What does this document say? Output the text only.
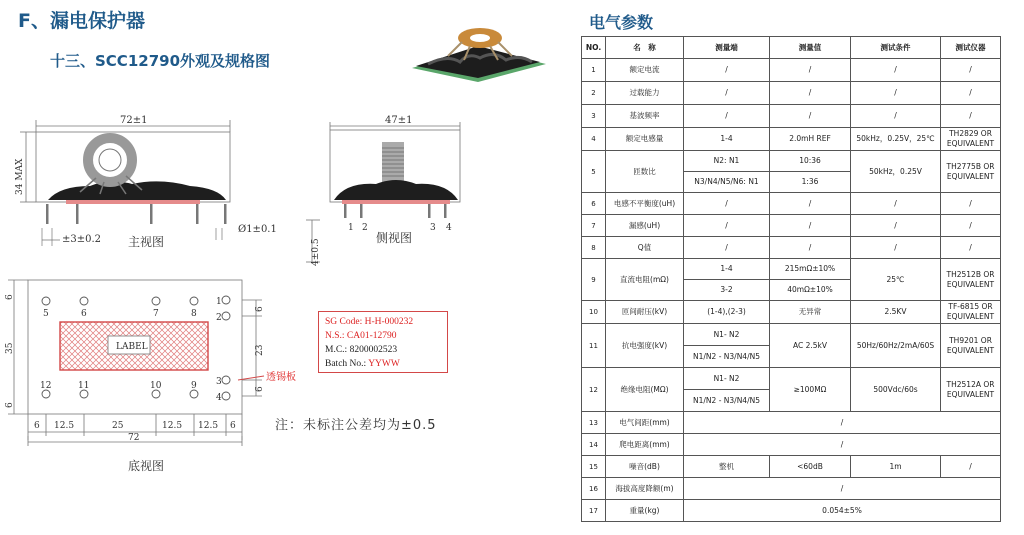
F、漏电保护器
十三、SCC12790外观及规格图
电气参数
72±1
34 MAX
±3±0.2
Ø1±0.1
主视图
47±1
4±0.5
1 2	3 4
侧视图
LABEL
5	6	7	8
12	11	10	9
1
2
3
4
6
35
6
6
23
6
6 12.5	25	12.5 12.5 6
72
透锡板
底视图
SG Code: H-H-000232
N.S.: CA01-12790
M.C.: 8200002523
Batch No.: YYWW
注：未标注公差均为±0.5
NO.	名　称	测量端	测量值	测试条件	测试仪器
1	额定电流	/	/	/	/
2	过载能力	/	/	/	/
3	基波频率	/	/	/	/
4	额定电感量	1-4	2.0mH REF	50kHz，0.25V，25℃	TH2829 OR EQUIVALENT
5	匝数比	N2: N1	10:36	50kHz，0.25V	TH2775B OR EQUIVALENT
		N3/N4/N5/N6: N1	1:36		
6	电感不平衡度(uH)	/	/	/	/
7	漏感(uH)	/	/	/	/
8	Q值	/	/	/	/
9	直流电阻(mΩ)	1-4	215mΩ±10%	25℃	TH2512B OR EQUIVALENT
		3-2	40mΩ±10%		
10	匝间耐压(kV)	(1-4),(2-3)	无异常	2.5KV	TF-6815 OR EQUIVALENT
11	抗电强度(kV)	N1- N2	AC 2.5kV	50Hz/60Hz/2mA/60S	TH9201 OR EQUIVALENT
		N1/N2 - N3/N4/N5			
12	绝缘电阻(MΩ)	N1- N2	≥100MΩ	500Vdc/60s	TH2512A OR EQUIVALENT
		N1/N2 - N3/N4/N5			
13	电气间距(mm)	/			
14	爬电距离(mm)	/			
15	噪音(dB)	整机	<60dB	1m	/
16	海拔高度降额(m)	/			
17	重量(kg)	0.054±5%			
